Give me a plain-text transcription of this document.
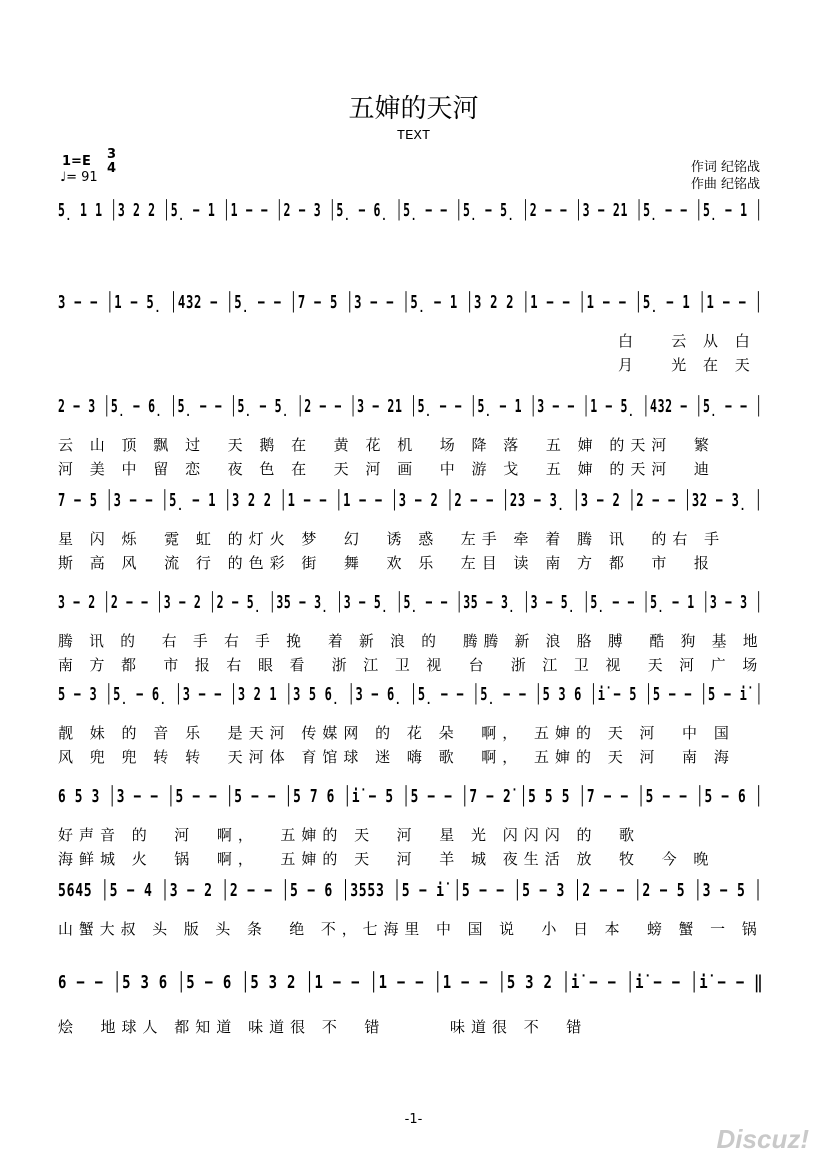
五婶的天河
TEXT
1=E
♩= 91
3
4	作词 纪铭战
作曲 纪铭战
5̣ 1 1 │3 2 2 │5̣ − 1 │1 − − │2 − 3 │5̣ − 6̣ │5̣ − − │5̣ − 5̣ │2 − − │3 − 21 │5̣ − − │5̣ − 1 │
3 − − │1 − 5̣ │432 − │5̣ − − │7 − 5 │3 − − │5̣ − 1 │3 2 2 │1 − − │1 − − │5̣ − 1 │1 − − │
白   云 从 白
月   光 在 天
2 − 3 │5̣ − 6̣ │5̣ − − │5̣ − 5̣ │2 − − │3 − 21 │5̣ − − │5̣ − 1 │3 − − │1 − 5̣ │432 − │5̣ − − │
云 山 顶 飘 过  天 鹅 在  黄 花 机  场 降 落  五 婶 的天河  繁
河 美 中 留 恋  夜 色 在  天 河 画  中 游 戈  五 婶 的天河  迪
7 − 5 │3 − − │5̣ − 1 │3 2 2 │1 − − │1 − − │3 − 2 │2 − − │23 − 3̣ │3 − 2 │2 − − │32 − 3̣ │
星 闪 烁  霓 虹 的灯火 梦  幻  诱 惑  左手 牵 着 腾 讯  的右 手
斯 高 风  流 行 的色彩 街  舞  欢 乐  左目 读 南 方 都  市  报
3 − 2 │2 − − │3 − 2 │2 − 5̣ │35 − 3̣ │3 − 5̣ │5̣ − − │35 − 3̣ │3 − 5̣ │5̣ − − │5̣ − 1 │3 − 3 │
腾 讯 的  右 手 右 手 挽  着 新 浪 的  腾腾 新 浪 胳 膊  酷 狗 基 地
南 方 都  市 报 右 眼 看  浙 江 卫 视  台  浙 江 卫 视  天 河 广 场
5 − 3 │5̣ − 6̣ │3 − − │3 2 1 │3 5 6̣ │3 − 6̣ │5̣ − − │5̣ − − │5 3 6 │i̇ − 5 │5 − − │5 − i̇ │
靓 妹 的 音 乐  是天河 传媒网 的 花 朵  啊， 五婶的 天 河  中 国
风 兜 兜 转 转  天河体 育馆球 迷 嗨 歌  啊， 五婶的 天 河  南 海
6 5 3 │3 − − │5 − − │5 − − │5 7 6 │i̇ − 5 │5 − − │7 − 2̇ │5 5 5 │7 − − │5 − − │5 − 6 │
好声音 的  河  啊，  五婶的 天  河  星 光 闪闪闪 的  歌
海鲜城 火  锅  啊，  五婶的 天  河  羊 城 夜生活 放  牧  今 晚
5645 │5 − 4 │3 − 2 │2 − − │5 − 6 │3553 │5 − i̇ │5 − − │5 − 3 │2 − − │2 − 5 │3 − 5 │
山蟹大叔 头 版 头 条  绝 不，七海里 中 国 说  小 日 本  螃 蟹 一 锅
6 − − │5 3 6 │5 − 6 │5 3 2 │1 − − │1 − − │1 − − │5 3 2 │i̇ − − │i̇ − − │i̇ − − ‖
烩  地球人 都知道 味道很 不  错      味道很 不  错
-1-
Discuz!
